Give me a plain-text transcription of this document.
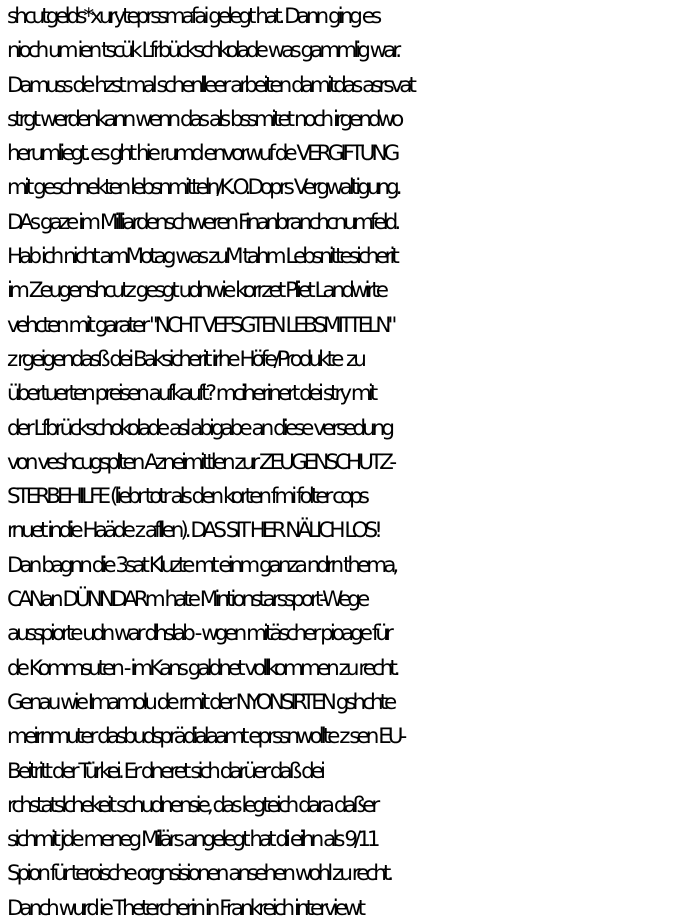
shcutgelds*xuryteprssmafai gelegt hat. Dann ging es
nioch um ien tscük Lfrbückschkolade was gammlig war.
Damuss de hzst mal schenlleer arbeiten damitdas asrsvat
strgt werdenkann wenn das als bssmitet noch irgendwo
herumliegt. es ght hie rumd envorwuf de VERGIFTUNG
mit geschnekten lebsnmitteln/K.O.Doprs Vergwaltigung.
DAs gaze im Milliardenschweren Finanbranchcnumfeld.
Hab ich nicht amMotag was zuM tahm Lebsnittesicherit
im Zeugenshcutz gesgt udnwie korrzet Pliet Landwirte
vehcten mit garater "NCHT VEFSGTEN LEBSMITTELN"
z rgeigendasß dei Baksicherit irhe Höfe/Produkte  zu
übertuerten preisen aufkauft? mciherinert dei stry mit
der Lfbrückschokolade asl abigabe an diese versedung
von veshcugsplten Azneimittlen zur ZEUGENSCHUTZ-
STERBEHILFE (liebr totr als den korten fmi folter cops
rnuet indie Haäde z afllen). DAS SIT HER NÄLICH LOS!
Dan bagnn die 3sat Kluzte mt einm ganza ndrn thema,
CANan DÜNNDARm hate Mintionstarssport-Wege
ausspiorte udn war dhslab - wgen mitäscher pioage für
de Kommsuten - imKans galdnet vollkommen zu recht.
Genau wie Imamolu de rmit der NYONSIRTEN gshchte
meirnmuter dasbudsprädialaamt eprssnwollte z sen EU-
Beitritt der Türkei. Er dneret sich darüer daß dei
rchstatslchekeit schudnensie, das legteich dara daßer
sichmit jde meneg Milärs angelegt hat di eihn als 9/11
Spion für teroische orgnsisionen ansehen wohl zu recht.
Danch wurd ie Thetercherin in Frankreich interviewt
